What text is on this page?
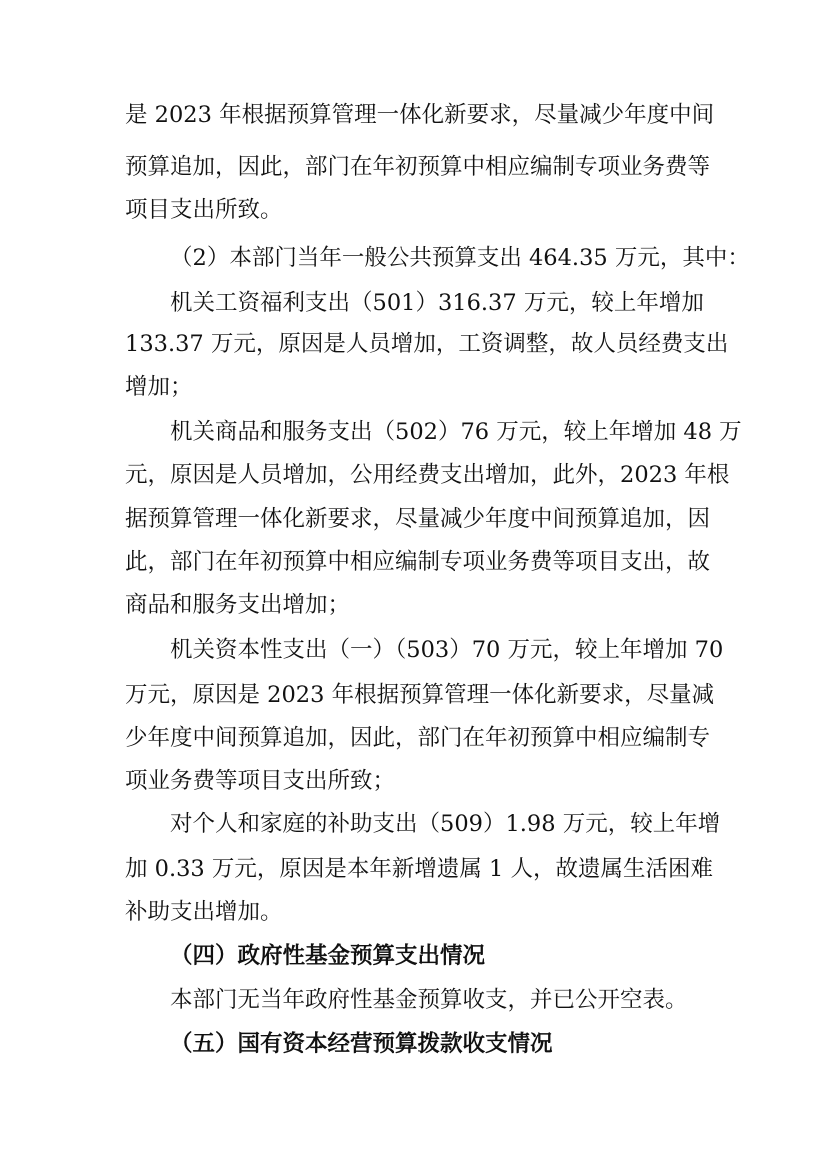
是 2023 年根据预算管理一体化新要求，尽量减少年度中间
预算追加，因此，部门在年初预算中相应编制专项业务费等
项目支出所致。
（2）本部门当年一般公共预算支出 464.35 万元，其中：
机关工资福利支出（501）316.37 万元，较上年增加
133.37 万元，原因是人员增加，工资调整，故人员经费支出
增加；
机关商品和服务支出（502）76 万元，较上年增加 48 万
元，原因是人员增加，公用经费支出增加，此外，2023 年根
据预算管理一体化新要求，尽量减少年度中间预算追加，因
此，部门在年初预算中相应编制专项业务费等项目支出，故
商品和服务支出增加；
机关资本性支出（一）（503）70 万元，较上年增加 70
万元，原因是 2023 年根据预算管理一体化新要求，尽量减
少年度中间预算追加，因此，部门在年初预算中相应编制专
项业务费等项目支出所致；
对个人和家庭的补助支出（509）1.98 万元，较上年增
加 0.33 万元，原因是本年新增遗属 1 人，故遗属生活困难
补助支出增加。
（四）政府性基金预算支出情况
本部门无当年政府性基金预算收支，并已公开空表。
（五）国有资本经营预算拨款收支情况
